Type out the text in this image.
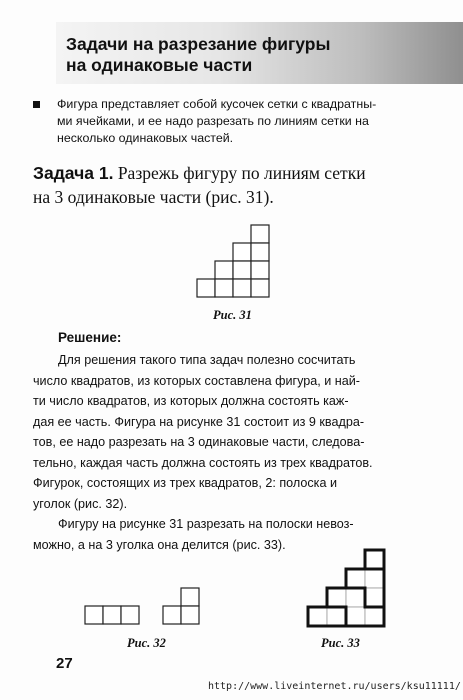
Задачи на разрезание фигуры
на одинаковые части
Фигура представляет собой кусочек сетки с квадратны-
ми ячейками, и ее надо разрезать по линиям сетки на
несколько одинаковых частей.
Задача 1. Разрежь фигуру по линиям сетки
на 3 одинаковые части (рис. 31).
Рис. 31
Решение:
Для решения такого типа задач полезно сосчитать
число квадратов, из которых составлена фигура, и най-
ти число квадратов, из которых должна состоять каж-
дая ее часть. Фигура на рисунке 31 состоит из 9 квадра-
тов, ее надо разрезать на 3 одинаковые части, следова-
тельно, каждая часть должна состоять из трех квадратов.
Фигурок, состоящих из трех квадратов, 2: полоска и
уголок (рис. 32).
Фигуру на рисунке 31 разрезать на полоски невоз-
можно, а на 3 уголка она делится (рис. 33).
Рис. 32	Рис. 33
27
http://www.liveinternet.ru/users/ksu11111/
